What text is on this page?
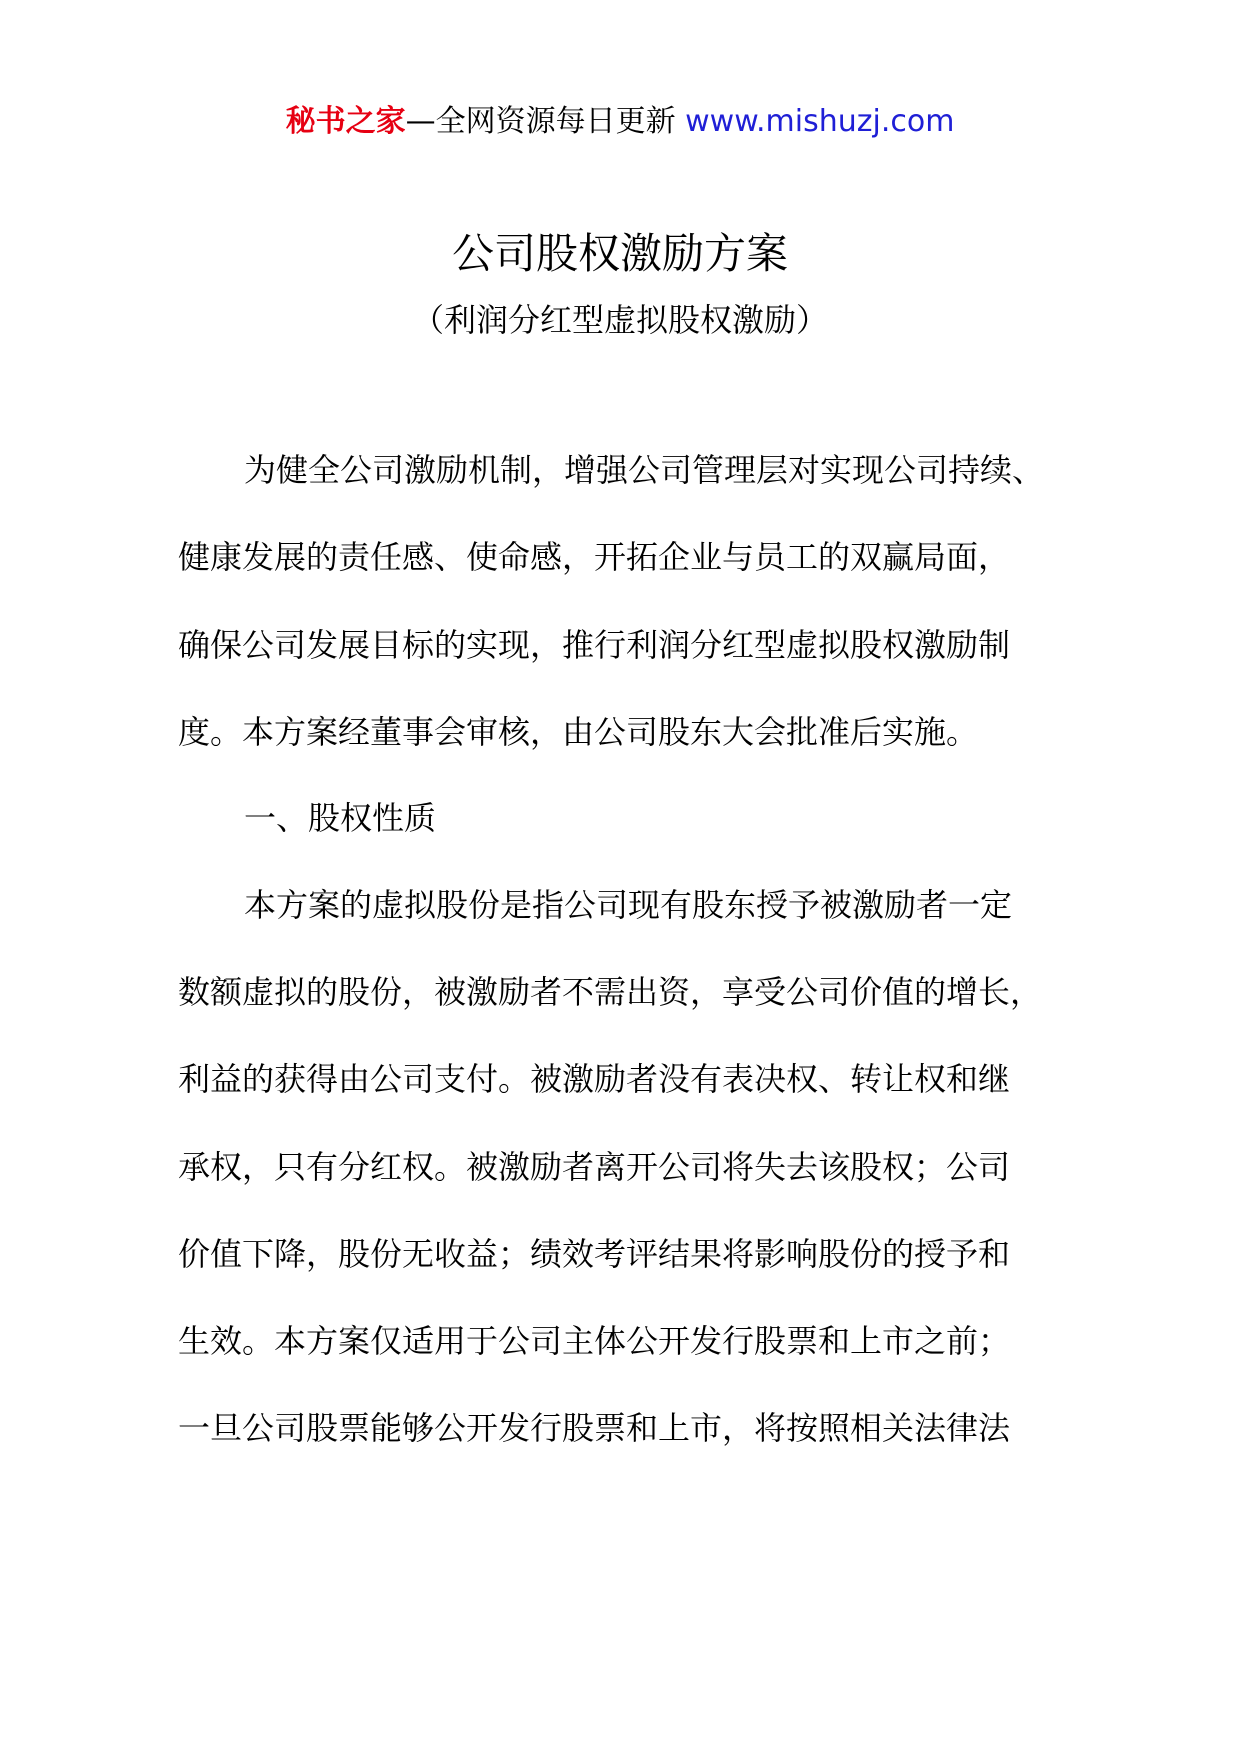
秘书之家—全网资源每日更新 www.mishuzj.com
公司股权激励方案
（利润分红型虚拟股权激励）
为健全公司激励机制，增强公司管理层对实现公司持续、
健康发展的责任感、使命感，开拓企业与员工的双赢局面，
确保公司发展目标的实现，推行利润分红型虚拟股权激励制
度。本方案经董事会审核，由公司股东大会批准后实施。
一、股权性质
本方案的虚拟股份是指公司现有股东授予被激励者一定
数额虚拟的股份，被激励者不需出资，享受公司价值的增长，
利益的获得由公司支付。被激励者没有表决权、转让权和继
承权，只有分红权。被激励者离开公司将失去该股权；公司
价值下降，股份无收益；绩效考评结果将影响股份的授予和
生效。本方案仅适用于公司主体公开发行股票和上市之前；
一旦公司股票能够公开发行股票和上市，将按照相关法律法
